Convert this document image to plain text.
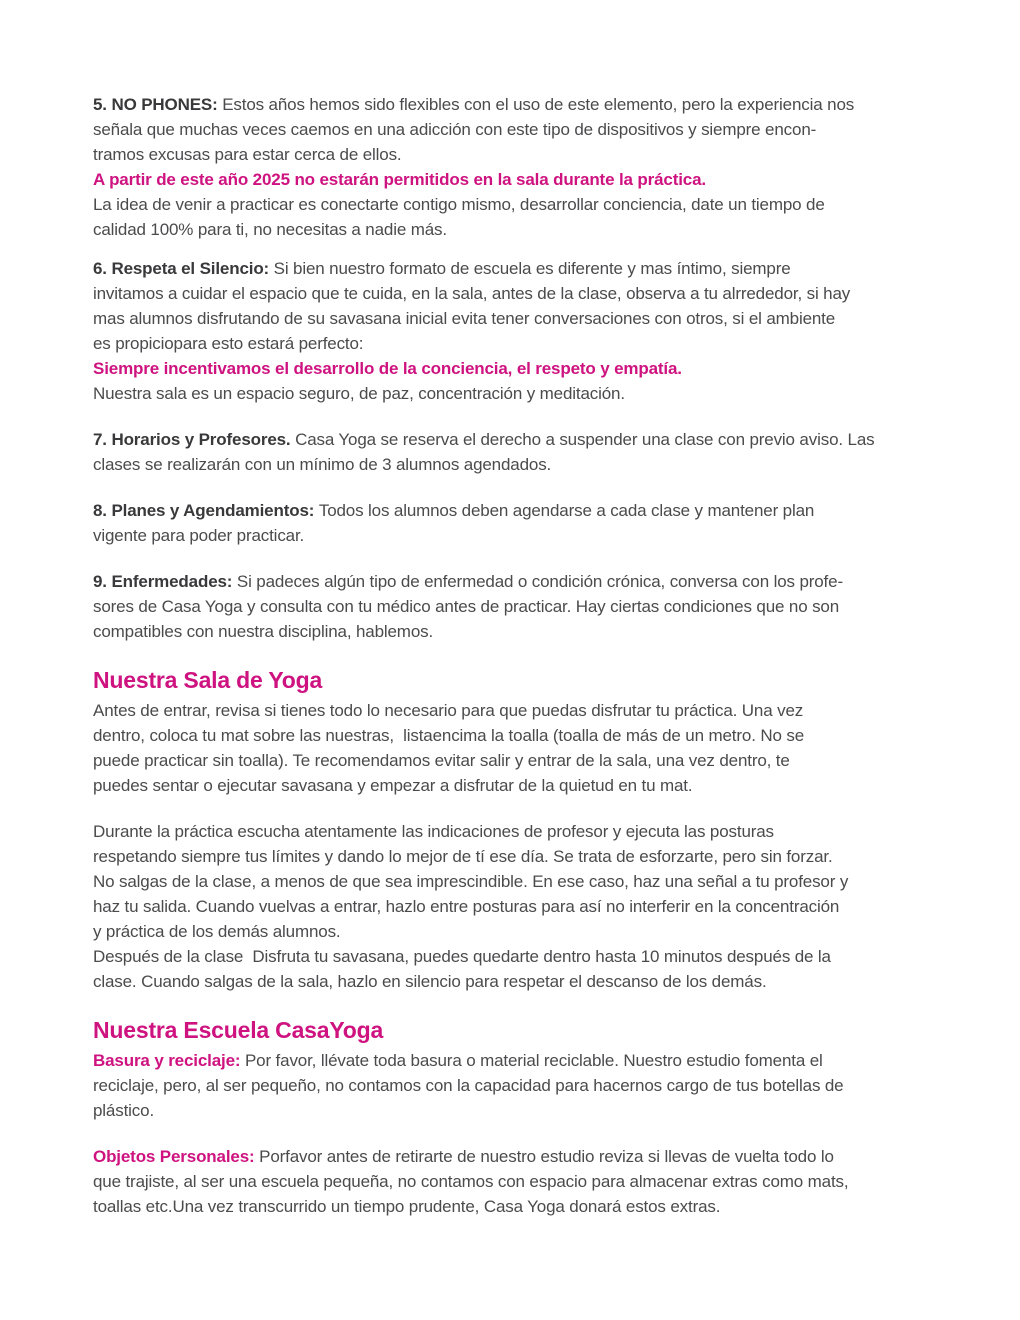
5. NO PHONES: Estos años hemos sido flexibles con el uso de este elemento, pero la experiencia nos
señala que muchas veces caemos en una adicción con este tipo de dispositivos y siempre encon-
tramos excusas para estar cerca de ellos.
A partir de este año 2025 no estarán permitidos en la sala durante la práctica.
La idea de venir a practicar es conectarte contigo mismo, desarrollar conciencia, date un tiempo de
calidad 100% para ti, no necesitas a nadie más.
6. Respeta el Silencio: Si bien nuestro formato de escuela es diferente y mas íntimo, siempre
invitamos a cuidar el espacio que te cuida, en la sala, antes de la clase, observa a tu alrrededor, si hay
mas alumnos disfrutando de su savasana inicial evita tener conversaciones con otros, si el ambiente
es propiciopara esto estará perfecto:
Siempre incentivamos el desarrollo de la conciencia, el respeto y empatía.
Nuestra sala es un espacio seguro, de paz, concentración y meditación.
7. Horarios y Profesores. Casa Yoga se reserva el derecho a suspender una clase con previo aviso. Las
clases se realizarán con un mínimo de 3 alumnos agendados.
8. Planes y Agendamientos: Todos los alumnos deben agendarse a cada clase y mantener plan
vigente para poder practicar.
9. Enfermedades: Si padeces algún tipo de enfermedad o condición crónica, conversa con los profe-
sores de Casa Yoga y consulta con tu médico antes de practicar. Hay ciertas condiciones que no son
compatibles con nuestra disciplina, hablemos.
Nuestra Sala de Yoga
Antes de entrar, revisa si tienes todo lo necesario para que puedas disfrutar tu práctica. Una vez
dentro, coloca tu mat sobre las nuestras,  listaencima la toalla (toalla de más de un metro. No se
puede practicar sin toalla). Te recomendamos evitar salir y entrar de la sala, una vez dentro, te
puedes sentar o ejecutar savasana y empezar a disfrutar de la quietud en tu mat.
Durante la práctica escucha atentamente las indicaciones de profesor y ejecuta las posturas
respetando siempre tus límites y dando lo mejor de tí ese día. Se trata de esforzarte, pero sin forzar.
No salgas de la clase, a menos de que sea imprescindible. En ese caso, haz una señal a tu profesor y
haz tu salida. Cuando vuelvas a entrar, hazlo entre posturas para así no interferir en la concentración
y práctica de los demás alumnos.
Después de la clase  Disfruta tu savasana, puedes quedarte dentro hasta 10 minutos después de la
clase. Cuando salgas de la sala, hazlo en silencio para respetar el descanso de los demás.
Nuestra Escuela CasaYoga
Basura y reciclaje: Por favor, llévate toda basura o material reciclable. Nuestro estudio fomenta el
reciclaje, pero, al ser pequeño, no contamos con la capacidad para hacernos cargo de tus botellas de
plástico.
Objetos Personales: Porfavor antes de retirarte de nuestro estudio reviza si llevas de vuelta todo lo
que trajiste, al ser una escuela pequeña, no contamos con espacio para almacenar extras como mats,
toallas etc.Una vez transcurrido un tiempo prudente, Casa Yoga donará estos extras.
